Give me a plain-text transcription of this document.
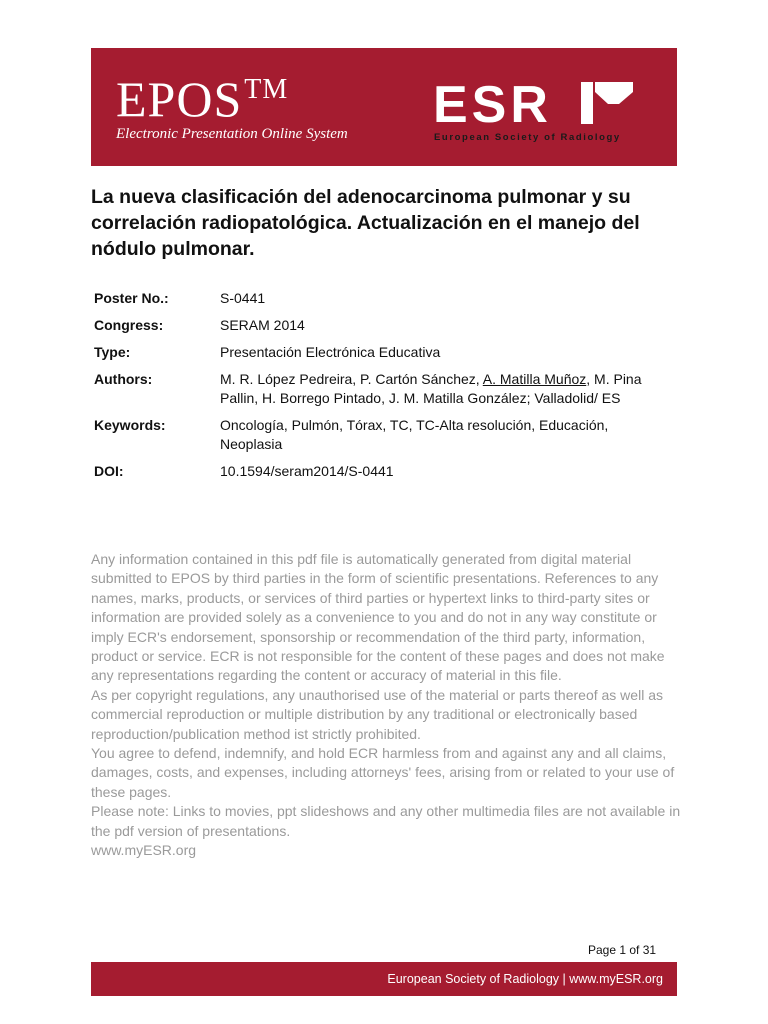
EPOS™
Electronic Presentation Online System ESR
European Society of Radiology
La nueva clasificación del adenocarcinoma pulmonar y su correlación radiopatológica. Actualización en el manejo del nódulo pulmonar.
Poster No.:	S-0441
Congress:	SERAM 2014
Type:	Presentación Electrónica Educativa
Authors:	M. R. López Pedreira, P. Cartón Sánchez, A. Matilla Muñoz, M. Pina Pallin, H. Borrego Pintado, J. M. Matilla González; Valladolid/ ES
Keywords:	Oncología, Pulmón, Tórax, TC, TC-Alta resolución, Educación, Neoplasia
DOI:	10.1594/seram2014/S-0441

Any information contained in this pdf file is automatically generated from digital material submitted to EPOS by third parties in the form of scientific presentations. References to any names, marks, products, or services of third parties or hypertext links to third-party sites or information are provided solely as a convenience to you and do not in any way constitute or imply ECR's endorsement, sponsorship or recommendation of the third party, information, product or service. ECR is not responsible for the content of these pages and does not make any representations regarding the content or accuracy of material in this file.

As per copyright regulations, any unauthorised use of the material or parts thereof as well as commercial reproduction or multiple distribution by any traditional or electronically based reproduction/publication method ist strictly prohibited.

You agree to defend, indemnify, and hold ECR harmless from and against any and all claims, damages, costs, and expenses, including attorneys' fees, arising from or related to your use of these pages.

Please note: Links to movies, ppt slideshows and any other multimedia files are not available in the pdf version of presentations.

www.myESR.org

Page 1 of 31
European Society of Radiology | www.myESR.org
